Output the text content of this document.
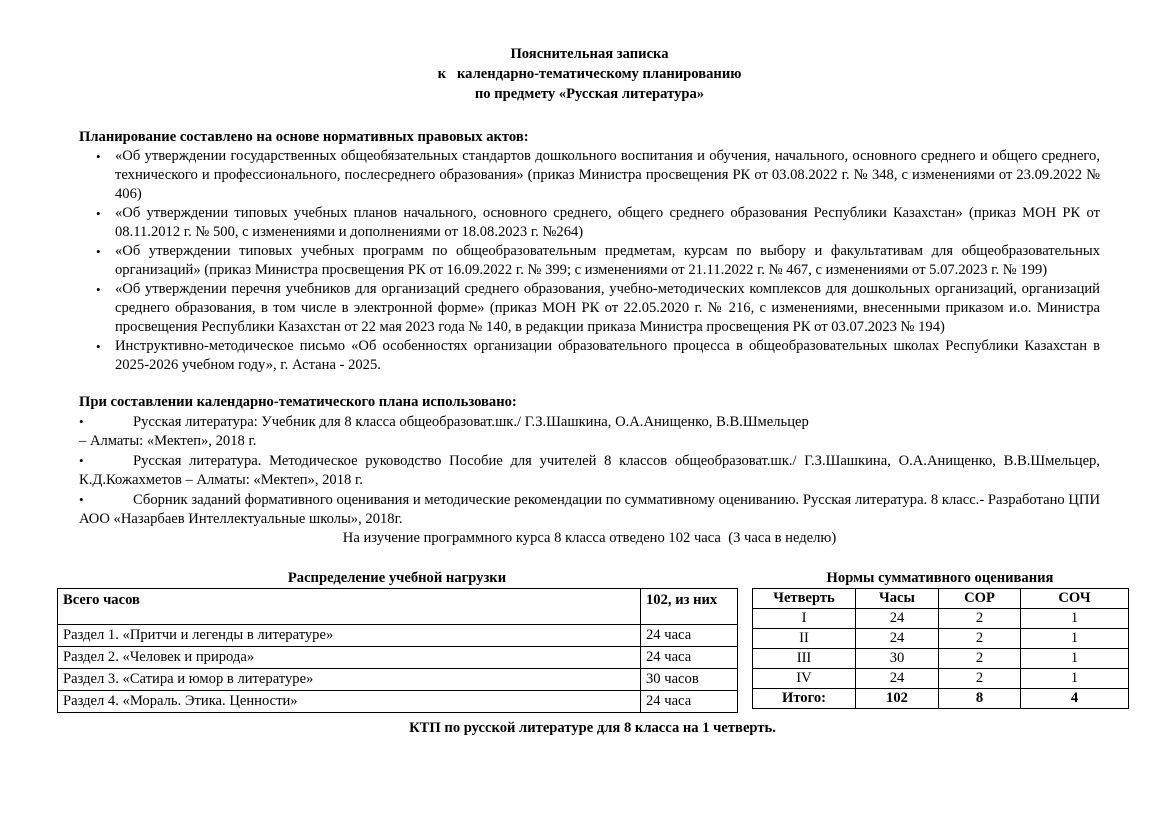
Пояснительная записка
к   календарно-тематическому планированию
по предмету «Русская литература»
Планирование составлено на основе нормативных правовых актов:
• «Об утверждении государственных общеобязательных стандартов дошкольного воспитания и обучения, начального, основного среднего и общего среднего, технического и профессионального, послесреднего образования» (приказ Министра просвещения РК от 03.08.2022 г. № 348, с изменениями от 23.09.2022 № 406)
• «Об утверждении типовых учебных планов начального, основного среднего, общего среднего образования Республики Казахстан» (приказ МОН РК от 08.11.2012 г. № 500, с изменениями и дополнениями от 18.08.2023 г. №264)
• «Об утверждении типовых учебных программ по общеобразовательным предметам, курсам по выбору и факультативам для общеобразовательных организаций» (приказ Министра просвещения РК от 16.09.2022 г. № 399; с изменениями от 21.11.2022 г. № 467, с изменениями от 5.07.2023 г. № 199)
• «Об утверждении перечня учебников для организаций среднего образования, учебно-методических комплексов для дошкольных организаций, организаций среднего образования, в том числе в электронной форме» (приказ МОН РК от 22.05.2020 г. № 216, с изменениями, внесенными приказом и.о. Министра просвещения Республики Казахстан от 22 мая 2023 года № 140, в редакции приказа Министра просвещения РК от 03.07.2023 № 194)
• Инструктивно-методическое письмо «Об особенностях организации образовательного процесса в общеобразовательных школах Республики Казахстан в 2025-2026 учебном году», г. Астана - 2025.
При составлении календарно-тематического плана использовано:

•	Русская литература: Учебник для 8 класса общеобразоват.шк./ Г.З.Шашкина, О.А.Анищенко, В.В.Шмельцер
– Алматы: «Мектеп», 2018 г.

•	Русская литература. Методическое руководство Пособие для учителей 8 классов общеобразоват.шк./ Г.З.Шашкина, О.А.Анищенко, В.В.Шмельцер, К.Д.Кожахметов – Алматы: «Мектеп», 2018 г.

•	Сборник заданий формативного оценивания и методические рекомендации по суммативному оцениванию. Русская литература. 8 класс.- Разработано ЦПИ АОО «Назарбаев Интеллектуальные школы», 2018г.

На изучение программного курса 8 класса отведено 102 часа  (3 часа в неделю)
Распределение учебной нагрузки
Всего часов	102, из них
Раздел 1. «Притчи и легенды в литературе»	24 часа
Раздел 2. «Человек и природа»	24 часа
Раздел 3. «Сатира и юмор в литературе»	30 часов
Раздел 4. «Мораль. Этика. Ценности»	24 часа
Нормы суммативного оценивания
Четверть	Часы	СОР	СОЧ
I	24	2	1
II	24	2	1
III	30	2	1
IV	24	2	1
Итого:	102	8	4
КТП по русской литературе для 8 класса на 1 четверть.
